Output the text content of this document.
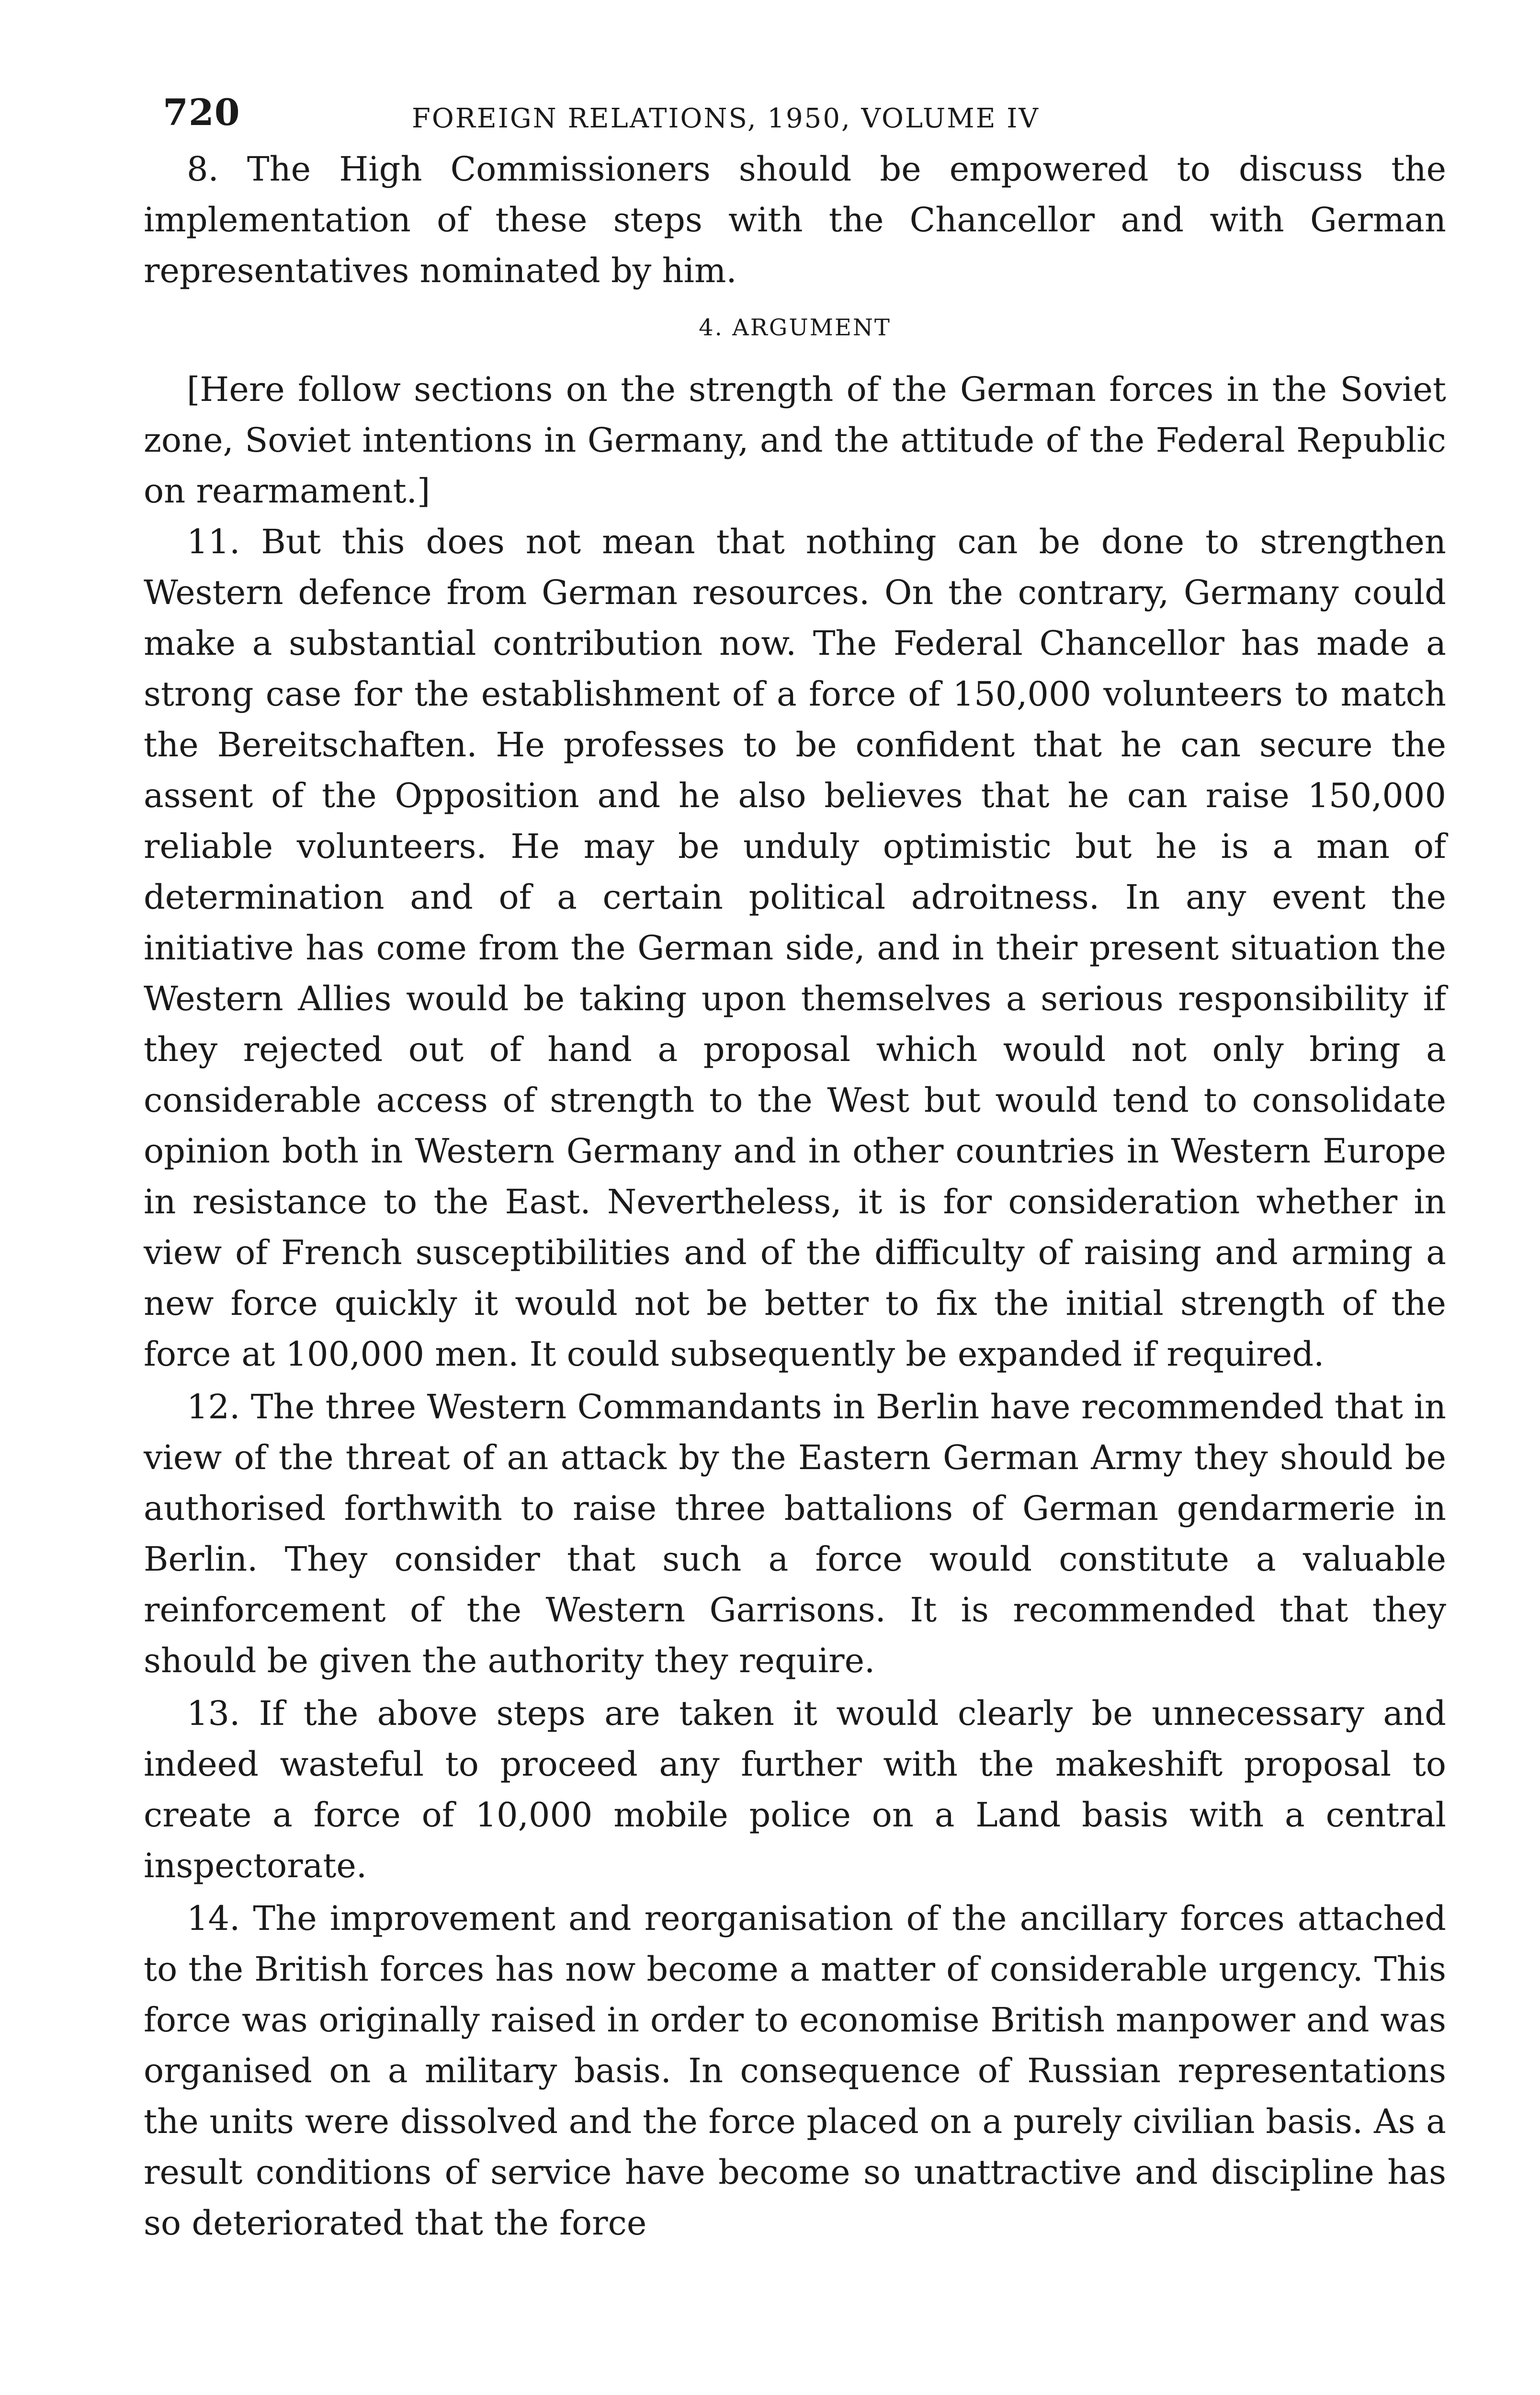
720	FOREIGN RELATIONS, 1950, VOLUME IV

8. The High Commissioners should be empowered to discuss the implementation of these steps with the Chancellor and with German representatives nominated by him.

4. ARGUMENT

[Here follow sections on the strength of the German forces in the Soviet zone, Soviet intentions in Germany, and the attitude of the Federal Republic on rearmament.]

11. But this does not mean that nothing can be done to strengthen Western defence from German resources. On the contrary, Germany could make a substantial contribution now. The Federal Chancellor has made a strong case for the establishment of a force of 150,000 volunteers to match the Bereitschaften. He professes to be confident that he can secure the assent of the Opposition and he also believes that he can raise 150,000 reliable volunteers. He may be unduly optimistic but he is a man of determination and of a certain political adroitness. In any event the initiative has come from the German side, and in their present situation the Western Allies would be taking upon themselves a serious responsibility if they rejected out of hand a proposal which would not only bring a considerable access of strength to the West but would tend to consolidate opinion both in Western Germany and in other countries in Western Europe in resistance to the East. Nevertheless, it is for consideration whether in view of French susceptibilities and of the difficulty of raising and arming a new force quickly it would not be better to fix the initial strength of the force at 100,000 men. It could subsequently be expanded if required.

12. The three Western Commandants in Berlin have recommended that in view of the threat of an attack by the Eastern German Army they should be authorised forthwith to raise three battalions of German gendarmerie in Berlin. They consider that such a force would constitute a valuable reinforcement of the Western Garrisons. It is recommended that they should be given the authority they require.

13. If the above steps are taken it would clearly be unnecessary and indeed wasteful to proceed any further with the makeshift proposal to create a force of 10,000 mobile police on a Land basis with a central inspectorate.

14. The improvement and reorganisation of the ancillary forces attached to the British forces has now become a matter of considerable urgency. This force was originally raised in order to economise British manpower and was organised on a military basis. In consequence of Russian representations the units were dissolved and the force placed on a purely civilian basis. As a result conditions of service have become so unattractive and discipline has so deteriorated that the force
